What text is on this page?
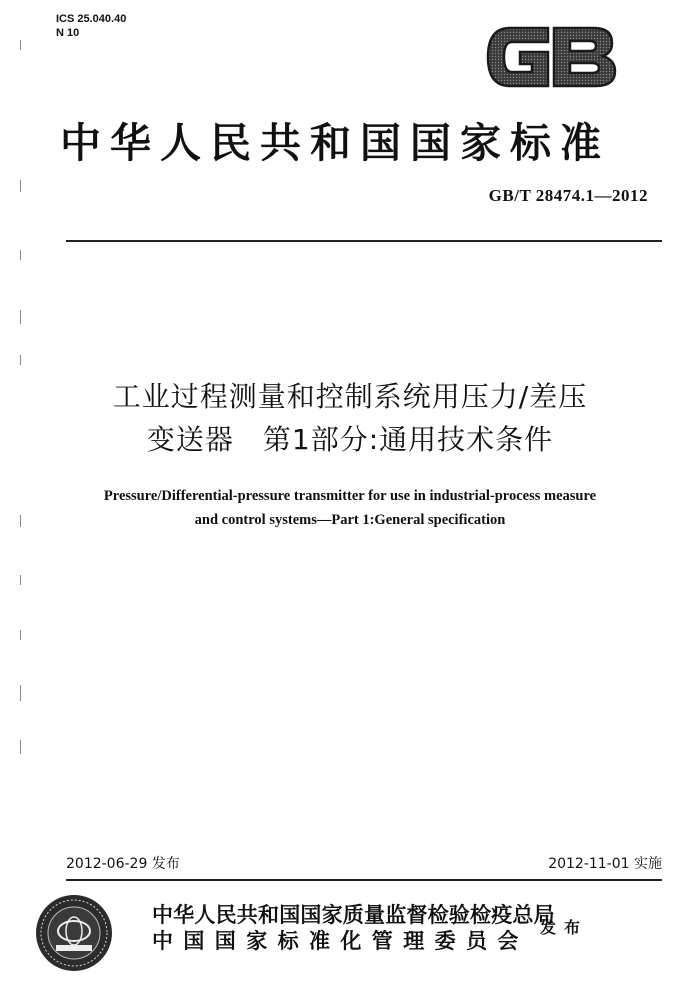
ICS 25.040.40
N 10
中华人民共和国国家标准
GB/T 28474.1—2012
工业过程测量和控制系统用压力/差压
变送器　第1部分:通用技术条件
Pressure/Differential-pressure transmitter for use in industrial-process measure
and control systems—Part 1:General specification
2012-06-29 发布	2012-11-01 实施
中华人民共和国国家质量监督检验检疫总局
中国国家标准化管理委员会
发布
